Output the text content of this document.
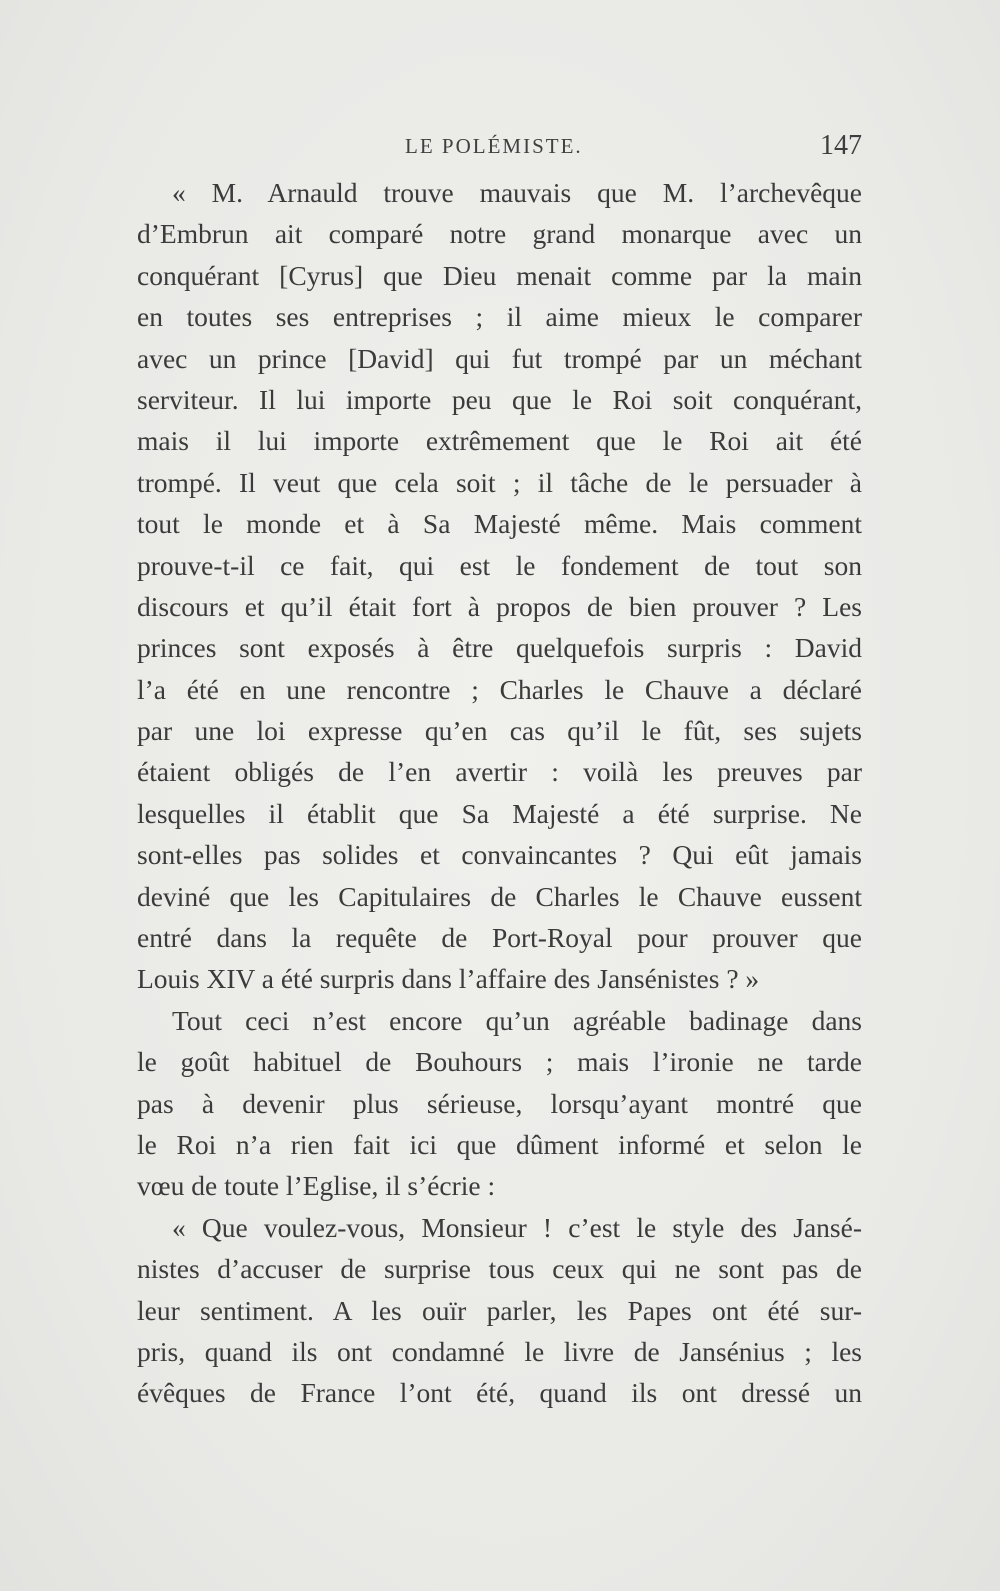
LE POLÉMISTE.	147
« M. Arnauld trouve mauvais que M. l’archevêque
d’Embrun ait comparé notre grand monarque avec un
conquérant [Cyrus] que Dieu menait comme par la main
en toutes ses entreprises ; il aime mieux le comparer
avec un prince [David] qui fut trompé par un méchant
serviteur. Il lui importe peu que le Roi soit conquérant,
mais il lui importe extrêmement que le Roi ait été
trompé. Il veut que cela soit ; il tâche de le persuader à
tout le monde et à Sa Majesté même. Mais comment
prouve-t-il ce fait, qui est le fondement de tout son
discours et qu’il était fort à propos de bien prouver ? Les
princes sont exposés à être quelquefois surpris : David
l’a été en une rencontre ; Charles le Chauve a déclaré
par une loi expresse qu’en cas qu’il le fût, ses sujets
étaient obligés de l’en avertir : voilà les preuves par
lesquelles il établit que Sa Majesté a été surprise. Ne
sont-elles pas solides et convaincantes ? Qui eût jamais
deviné que les Capitulaires de Charles le Chauve eussent
entré dans la requête de Port-Royal pour prouver que
Louis XIV a été surpris dans l’affaire des Jansénistes ? »
Tout ceci n’est encore qu’un agréable badinage dans
le goût habituel de Bouhours ; mais l’ironie ne tarde
pas à devenir plus sérieuse, lorsqu’ayant montré que
le Roi n’a rien fait ici que dûment informé et selon le
vœu de toute l’Eglise, il s’écrie :
« Que voulez-vous, Monsieur ! c’est le style des Jansé-
nistes d’accuser de surprise tous ceux qui ne sont pas de
leur sentiment. A les ouïr parler, les Papes ont été sur-
pris, quand ils ont condamné le livre de Jansénius ; les
évêques de France l’ont été, quand ils ont dressé un
